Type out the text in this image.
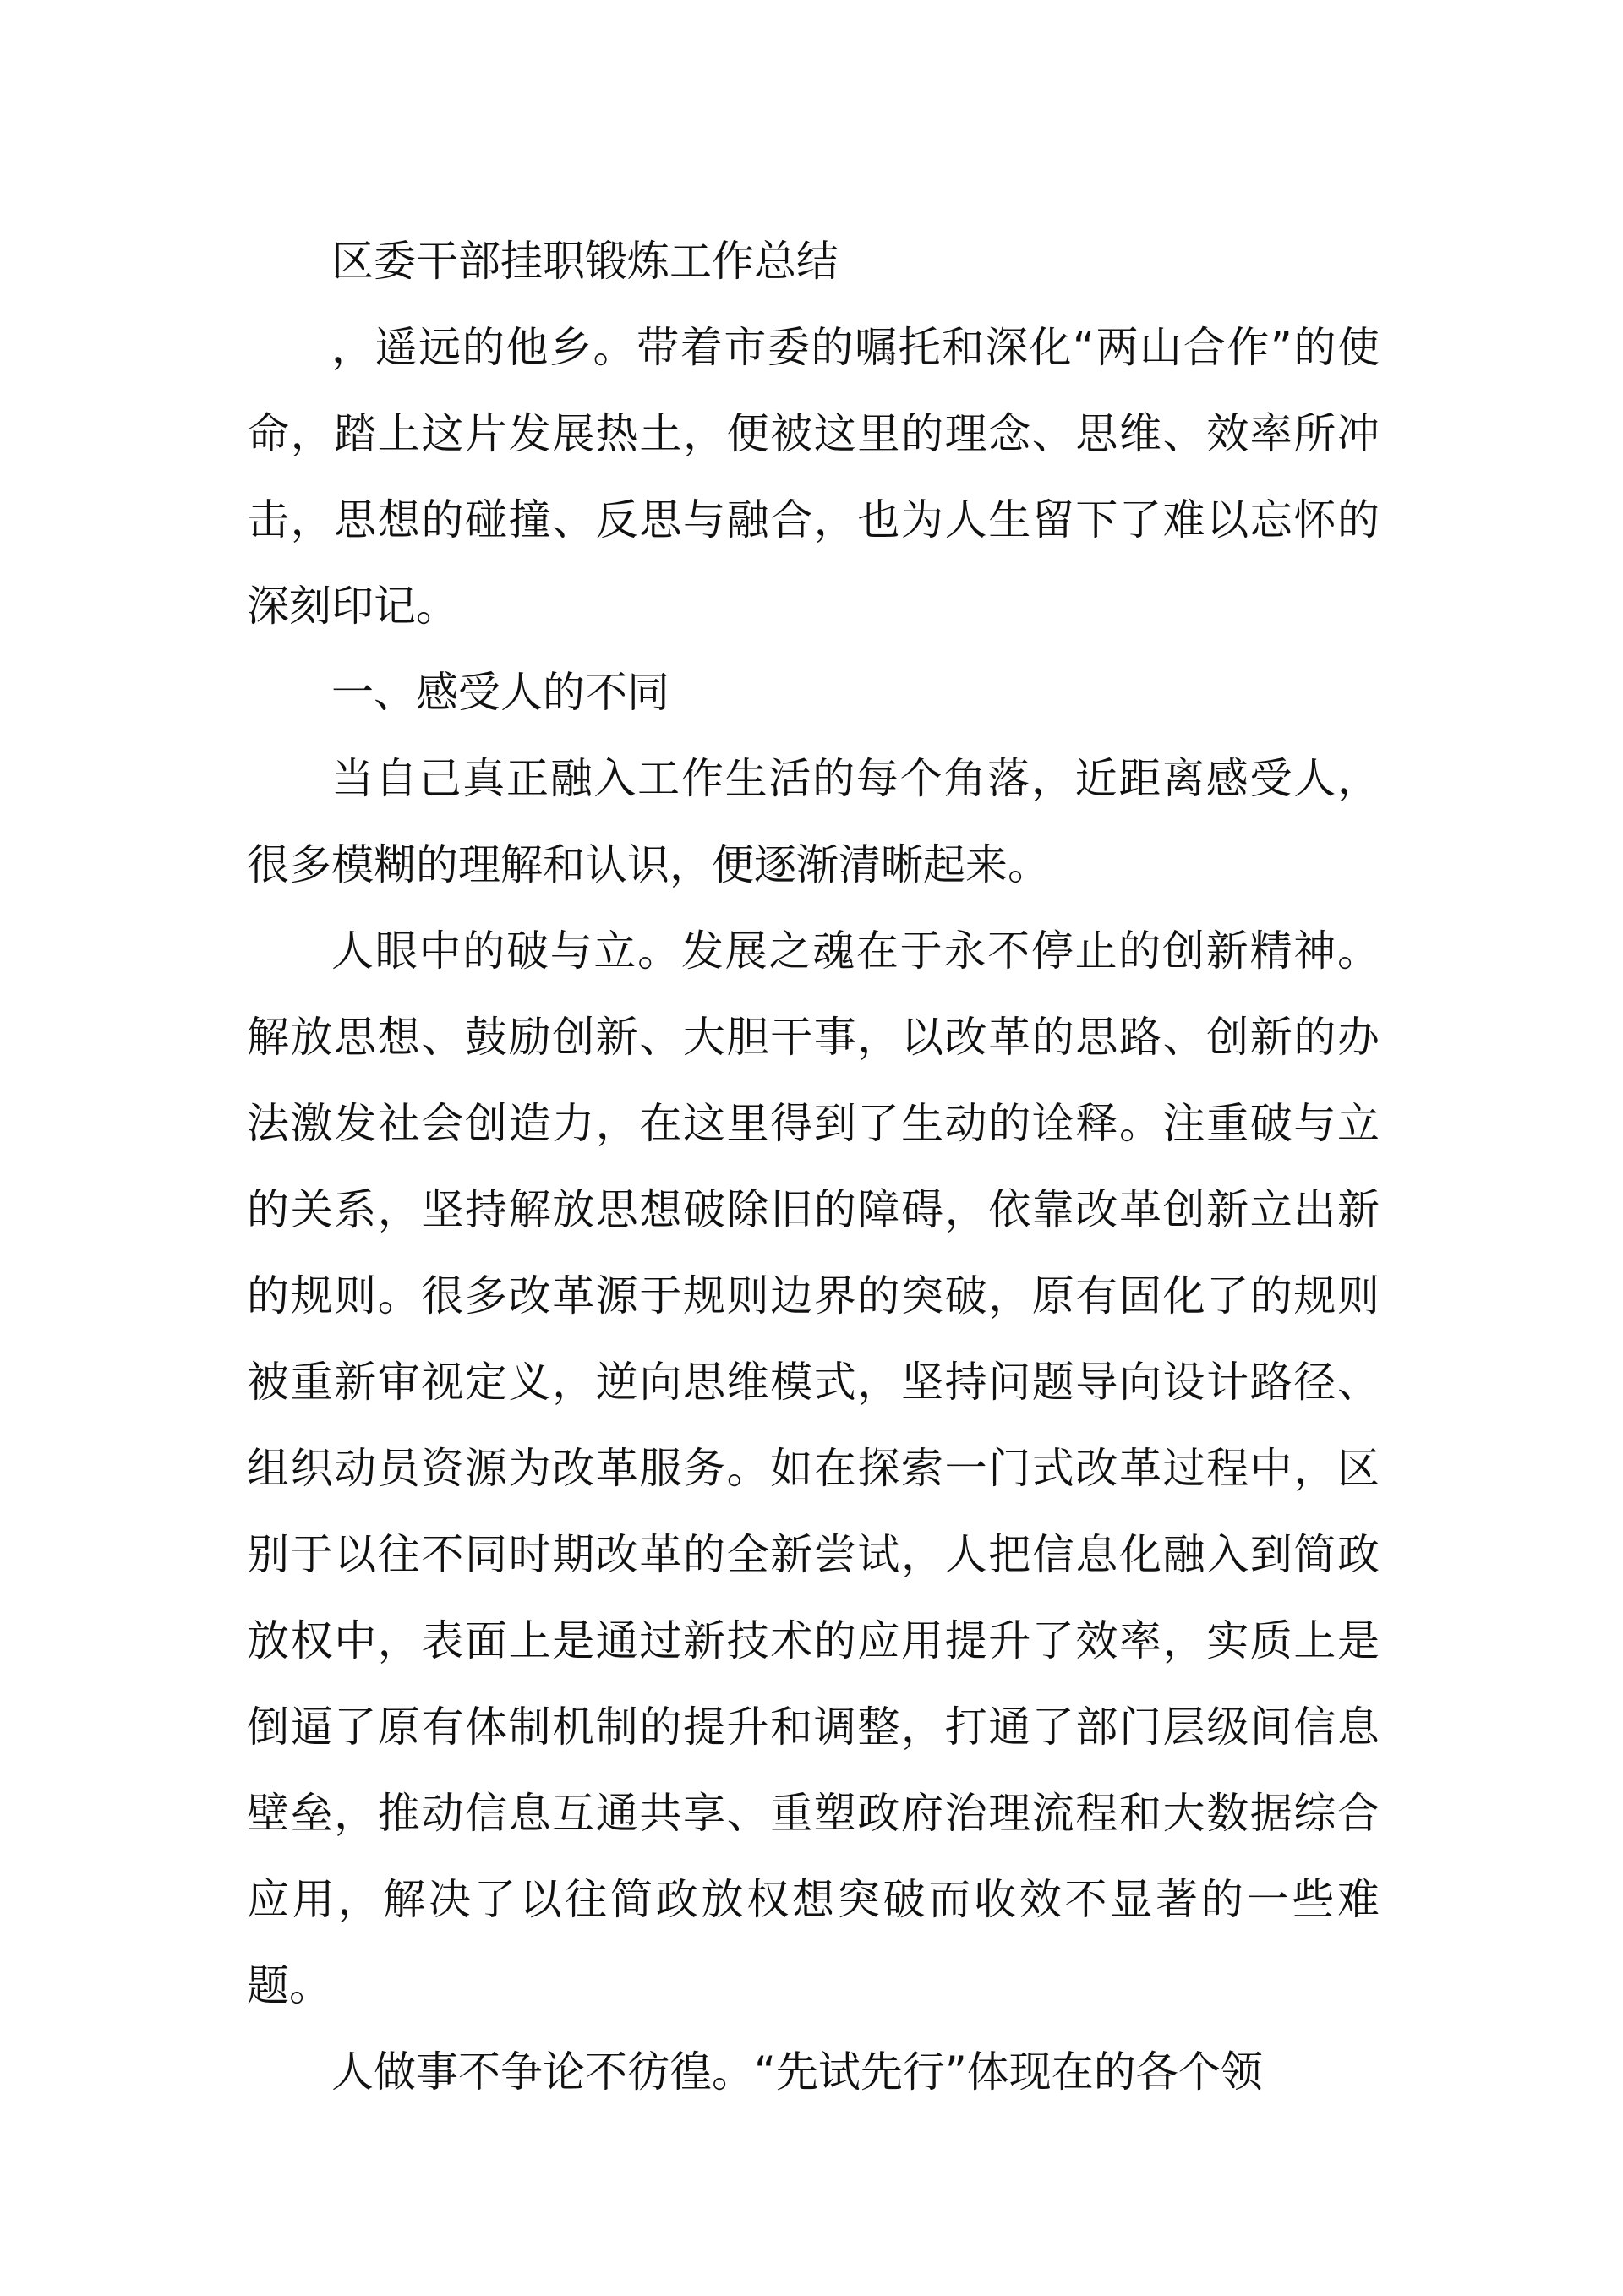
区委干部挂职锻炼工作总结

，遥远的他乡。带着市委的嘱托和深化“两山合作”的使命，踏上这片发展热土，便被这里的理念、思维、效率所冲击，思想的碰撞、反思与融合，也为人生留下了难以忘怀的深刻印记。

一、感受人的不同

当自己真正融入工作生活的每个角落，近距离感受人，很多模糊的理解和认识，便逐渐清晰起来。

人眼中的破与立。发展之魂在于永不停止的创新精神。解放思想、鼓励创新、大胆干事，以改革的思路、创新的办法激发社会创造力，在这里得到了生动的诠释。注重破与立的关系，坚持解放思想破除旧的障碍，依靠改革创新立出新的规则。很多改革源于规则边界的突破，原有固化了的规则被重新审视定义，逆向思维模式，坚持问题导向设计路径、组织动员资源为改革服务。如在探索一门式改革过程中，区别于以往不同时期改革的全新尝试，人把信息化融入到简政放权中，表面上是通过新技术的应用提升了效率，实质上是倒逼了原有体制机制的提升和调整，打通了部门层级间信息壁垒，推动信息互通共享、重塑政府治理流程和大数据综合应用，解决了以往简政放权想突破而收效不显著的一些难题。

人做事不争论不彷徨。“先试先行”体现在的各个领
